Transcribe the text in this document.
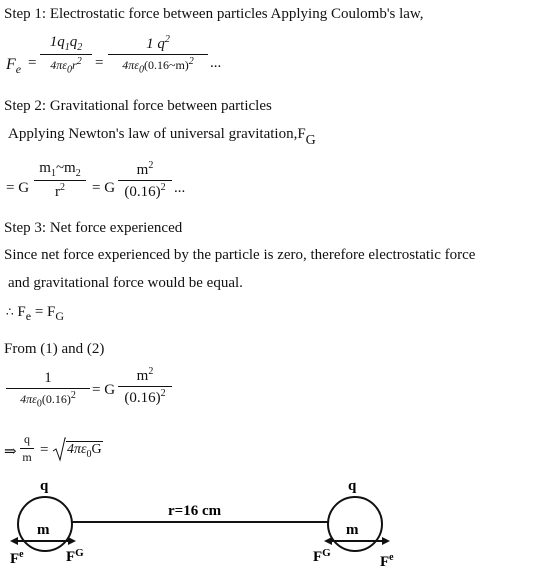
Step 1: Electrostatic force between particles Applying Coulomb's law,
$F_e$ =
$1q_1q_2$
$4\pi\varepsilon_0r^2$ =
1 $q^2$
$4\pi\varepsilon_0(0.16\sim m)^2$	...
Step 2: Gravitational force between particles
Applying Newton's law of universal $gravitation,F_G$
= G
$m_1\sim m_2$
$r^2$	= G
$m^2$
$(0.16)^2$ ...
Step 3: Net force experienced
Since net force experienced by the particle is zero, therefore electrostatic force
and gravitational force would be equal.
∴ $F_e = F_G$
From (1) and (2)
1
$4\pi\varepsilon_0(0.16)^2$	= G
$m^2$
$(0.16)^2$
⇒
q
$m = 4\pi\varepsilon_0G$
q	q
m	m
r=16 cm
$F^e$	$F^G$	$F^G$
$F^e$
